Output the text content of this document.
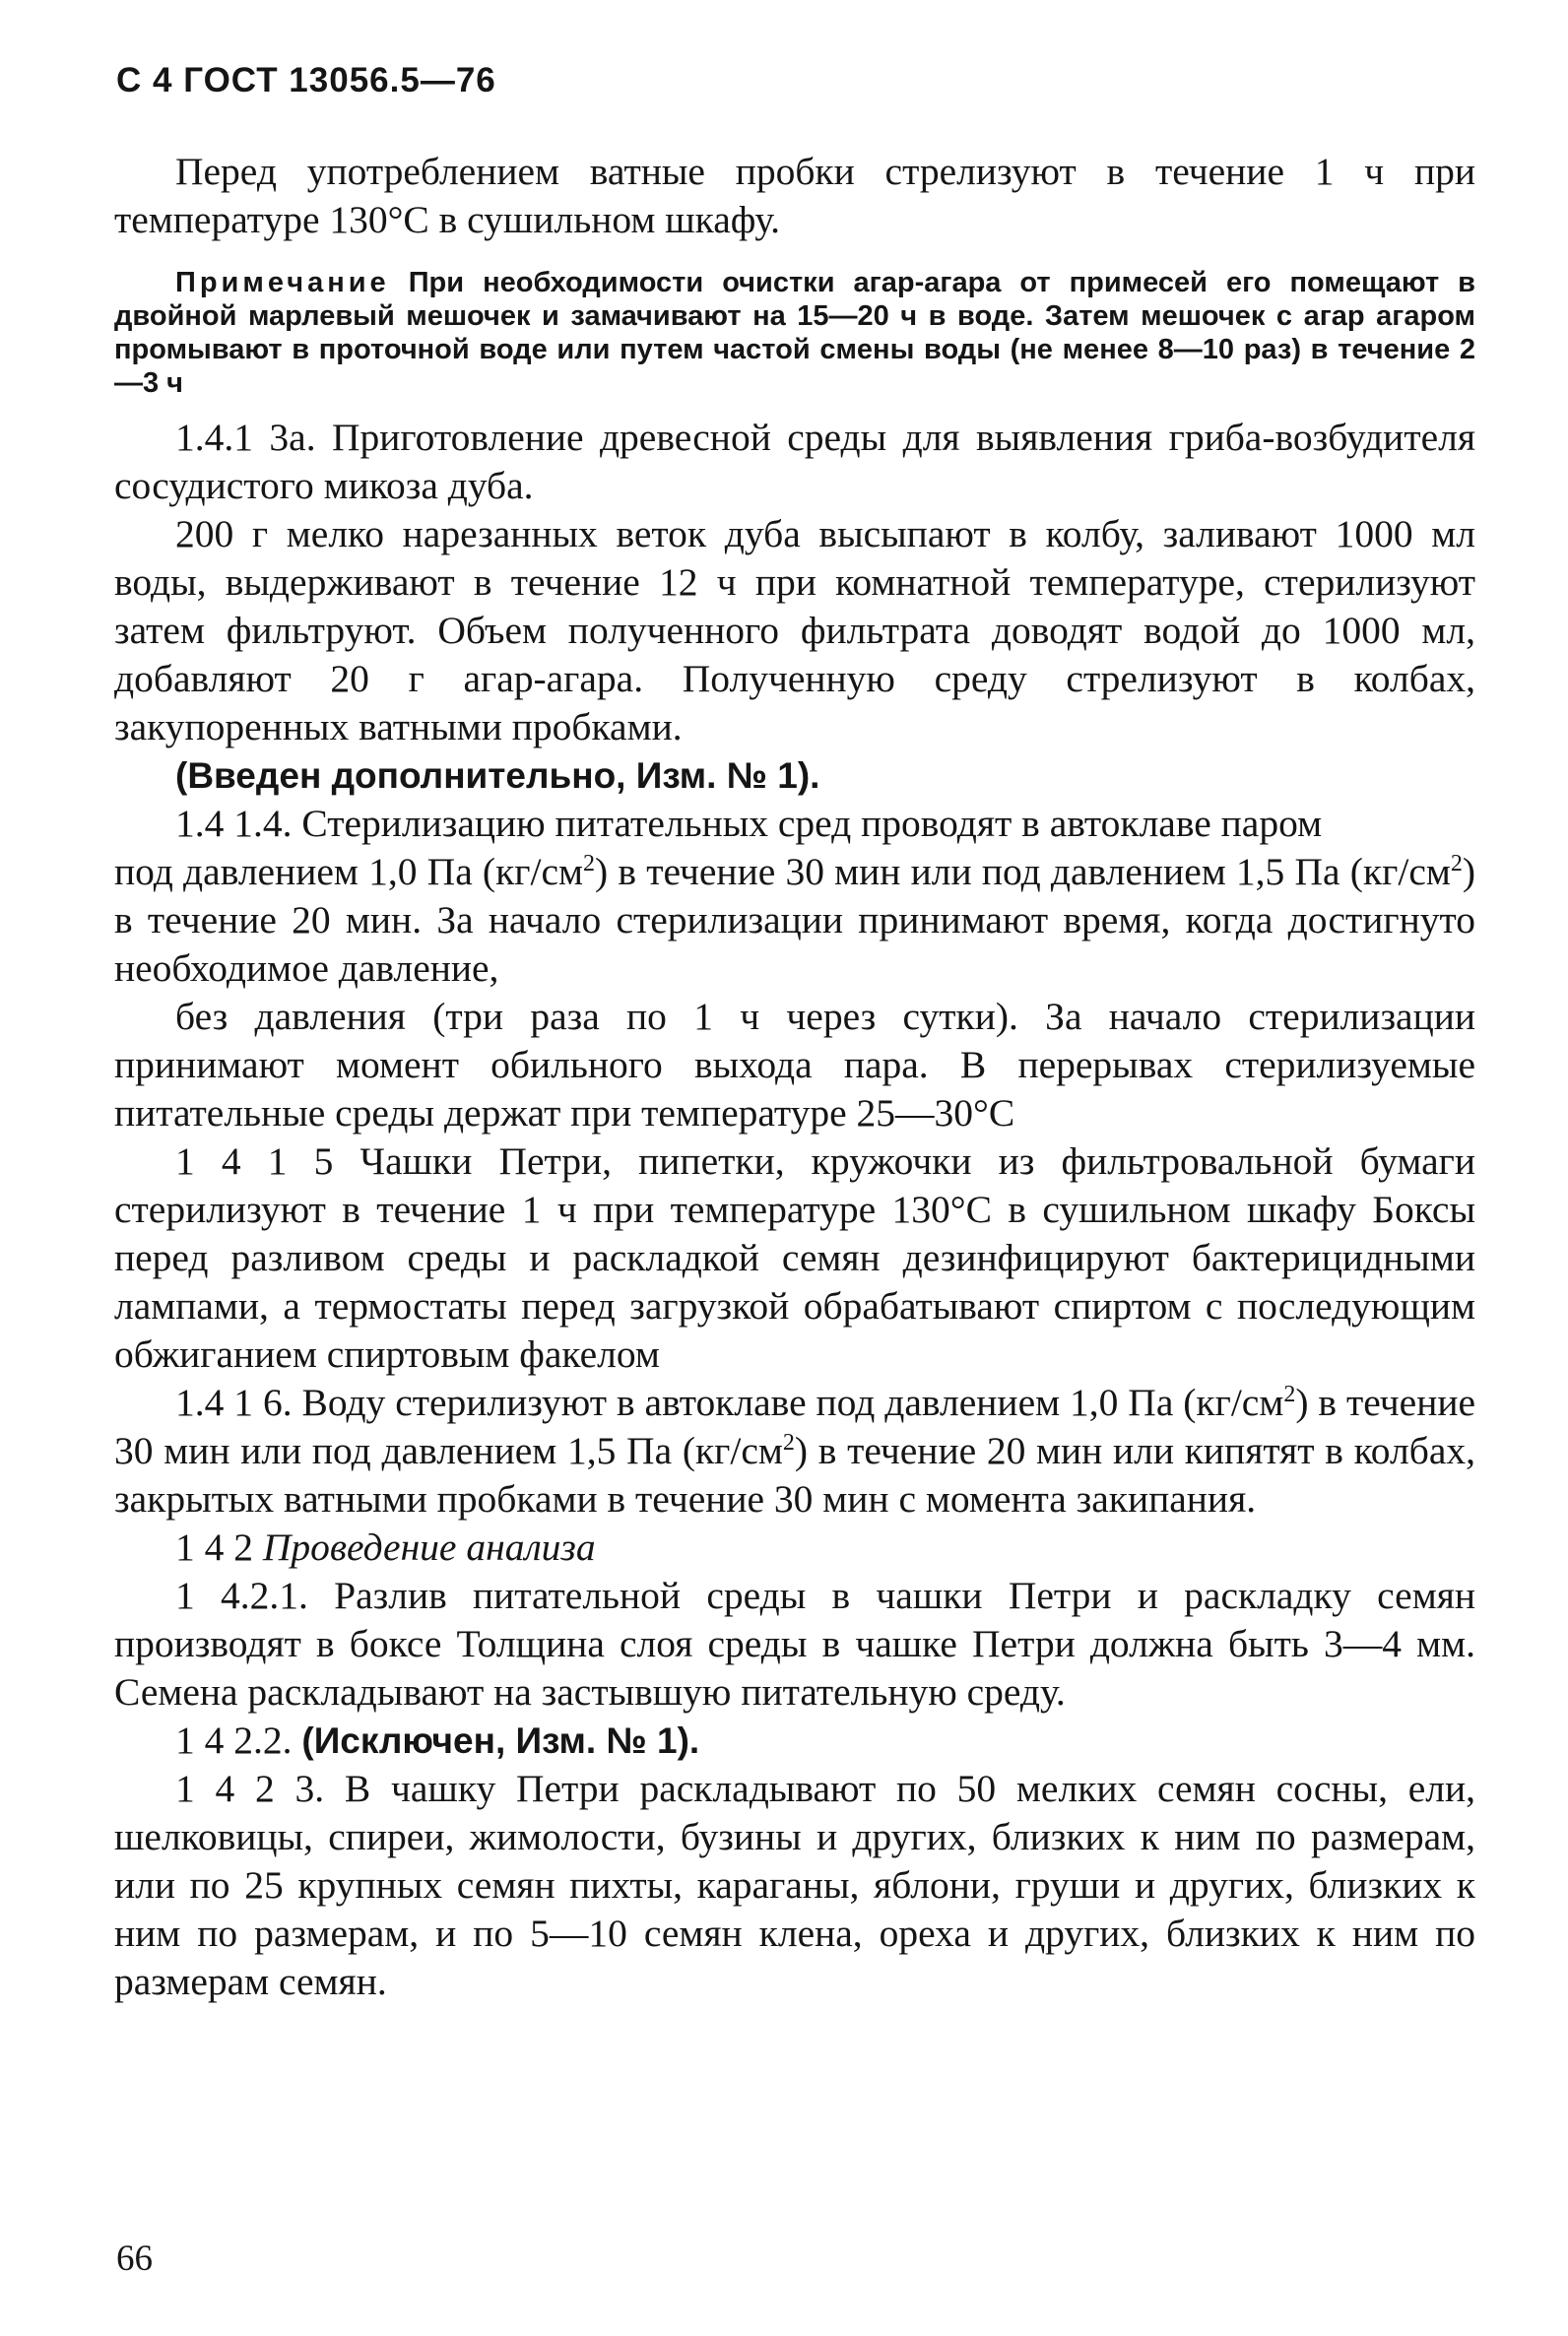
С 4 ГОСТ 13056.5—76

Перед употреблением ватные пробки стрелизуют в течение 1 ч при температуре 130°С в сушильном шкафу.

Примечание При необходимости очистки агар-агара от примесей его помещают в двойной марлевый мешочек и замачивают на 15—20 ч в воде. Затем мешочек с агар агаром промывают в проточной воде или путем частой смены воды (не менее 8—10 раз) в течение 2—3 ч

1.4.1 3а. Приготовление древесной среды для выявления гриба-возбудителя сосудистого микоза дуба.

200 г мелко нарезанных веток дуба высыпают в колбу, заливают 1000 мл воды, выдерживают в течение 12 ч при комнатной температуре, стерилизуют затем фильтруют. Объем полученного фильтрата доводят водой до 1000 мл, добавляют 20 г агар-агара. Полученную среду стрелизуют в колбах, закупоренных ватными пробками.

(Введен дополнительно, Изм. № 1).

1.4 1.4. Стерилизацию питательных сред проводят в автоклаве паром

под давлением 1,0 Па $(кг/см^2)$ в течение 30 мин или под давлением 1,5 Па $(кг/см^2)$ в течение 20 мин. За начало стерилизации принимают время, когда достигнуто необходимое давление,

без давления (три раза по 1 ч через сутки). За начало стерилизации принимают момент обильного выхода пара. В перерывах стерилизуемые питательные среды держат при температуре 25—30°С

1 4 1 5 Чашки Петри, пипетки, кружочки из фильтровальной бумаги стерилизуют в течение 1 ч при температуре 130°С в сушильном шкафу Боксы перед разливом среды и раскладкой семян дезинфицируют бактерицидными лампами, а термостаты перед загрузкой обрабатывают спиртом с последующим обжиганием спиртовым факелом

1.4 1 6. Воду стерилизуют в автоклаве под давлением 1,0 Па $(кг/см^2)$ в течение 30 мин или под давлением 1,5 Па $(кг/см^2)$ в течение 20 мин или кипятят в колбах, закрытых ватными пробками в течение 30 мин с момента закипания.

1 4 2 Проведение анализа

1 4.2.1. Разлив питательной среды в чашки Петри и раскладку семян производят в боксе Толщина слоя среды в чашке Петри должна быть 3—4 мм. Семена раскладывают на застывшую питательную среду.

1 4 2.2. (Исключен, Изм. № 1).

1 4 2 3. В чашку Петри раскладывают по 50 мелких семян сосны, ели, шелковицы, спиреи, жимолости, бузины и других, близких к ним по размерам, или по 25 крупных семян пихты, караганы, яблони, груши и других, близких к ним по размерам, и по 5—10 семян клена, ореха и других, близких к ним по размерам семян.

66
